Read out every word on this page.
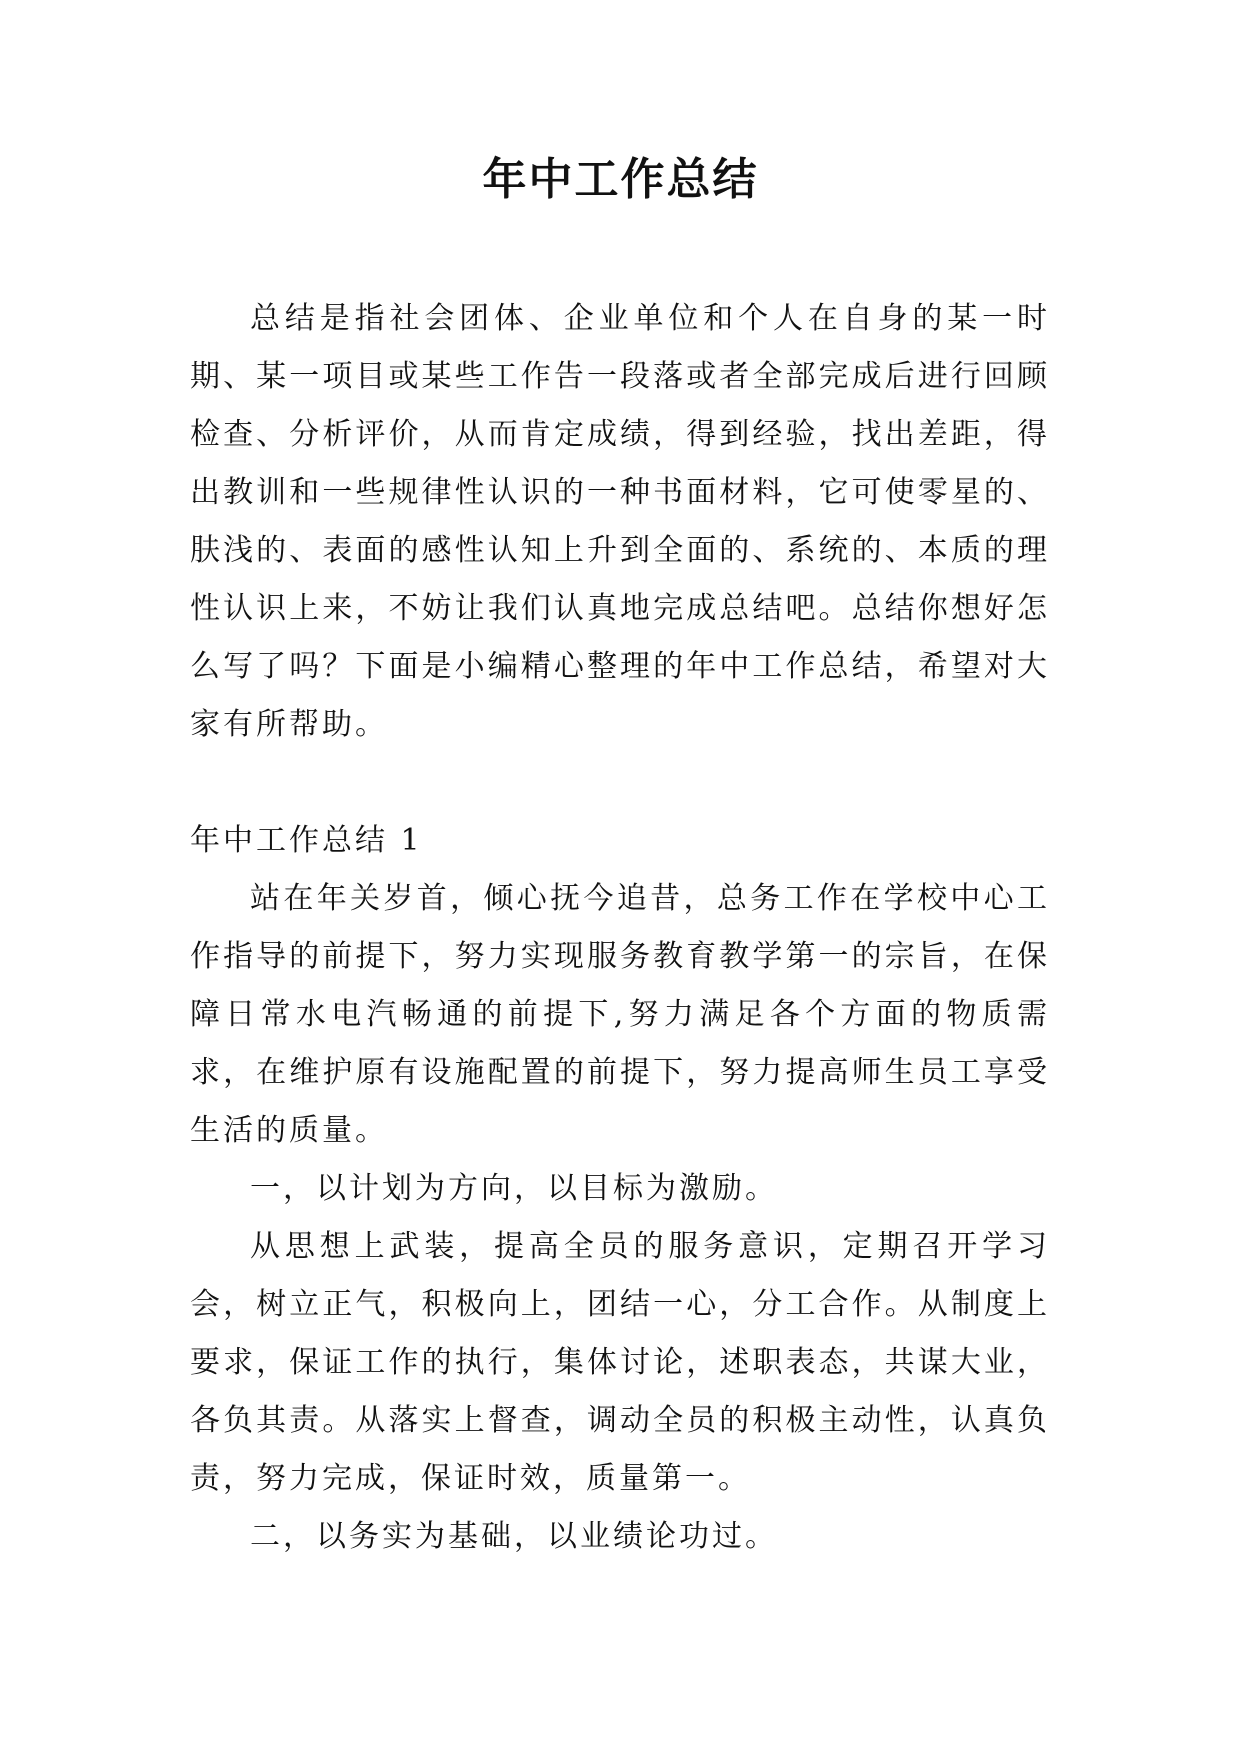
年中工作总结

总结是指社会团体、企业单位和个人在自身的某一时期、某一项目或某些工作告一段落或者全部完成后进行回顾检查、分析评价，从而肯定成绩，得到经验，找出差距，得出教训和一些规律性认识的一种书面材料，它可使零星的、肤浅的、表面的感性认知上升到全面的、系统的、本质的理性认识上来，不妨让我们认真地完成总结吧。总结你想好怎么写了吗？下面是小编精心整理的年中工作总结，希望对大家有所帮助。

年中工作总结 1

站在年关岁首，倾心抚今追昔，总务工作在学校中心工作指导的前提下，努力实现服务教育教学第一的宗旨，在保障日常水电汽畅通的前提下,努力满足各个方面的物质需求，在维护原有设施配置的前提下，努力提高师生员工享受生活的质量。

一，以计划为方向，以目标为激励。

从思想上武装，提高全员的服务意识，定期召开学习会，树立正气，积极向上，团结一心，分工合作。从制度上要求，保证工作的执行，集体讨论，述职表态，共谋大业，各负其责。从落实上督查，调动全员的积极主动性，认真负责，努力完成，保证时效，质量第一。

二，以务实为基础，以业绩论功过。
